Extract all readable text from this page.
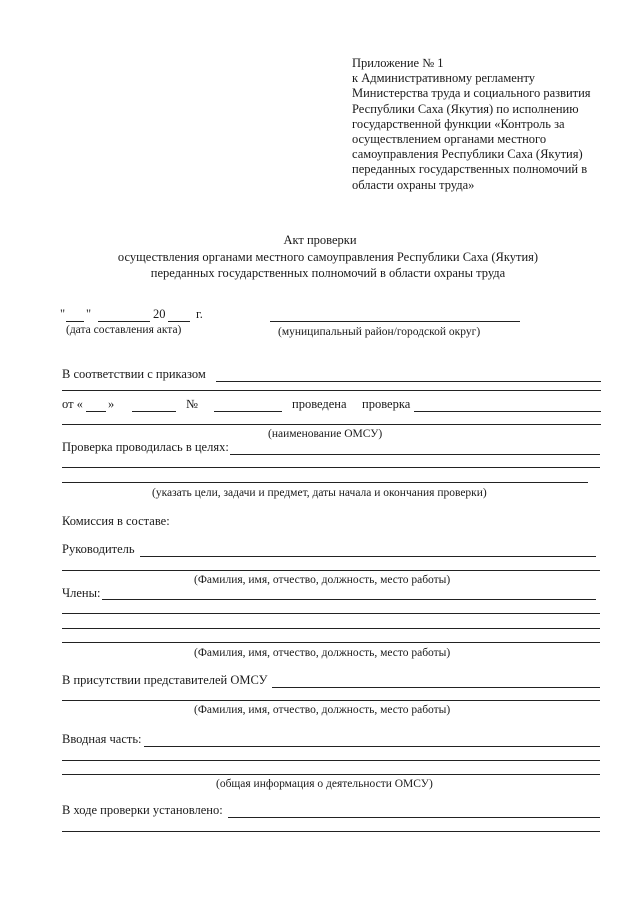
Приложение № 1
к Административному регламенту
Министерства труда и социального развития
Республики Саха (Якутия) по исполнению
государственной функции «Контроль за
осуществлением органами местного
самоуправления Республики Саха (Якутия)
переданных государственных полномочий в
области охраны труда»
Акт проверки
осуществления органами местного самоуправления Республики Саха (Якутия)
переданных государственных полномочий в области охраны труда
" "	20 г.
(дата составления акта)	(муниципальный район/городской округ)
В соответствии с приказом
от « »	№	проведена проверка
(наименование ОМСУ)
Проверка проводилась в целях:
(указать цели, задачи и предмет, даты начала и окончания проверки)
Комиссия в составе:
Руководитель
(Фамилия, имя, отчество, должность, место работы)
Члены:
(Фамилия, имя, отчество, должность, место работы)
В присутствии представителей ОМСУ
(Фамилия, имя, отчество, должность, место работы)
Вводная часть:
(общая информация о деятельности ОМСУ)
В ходе проверки установлено:
